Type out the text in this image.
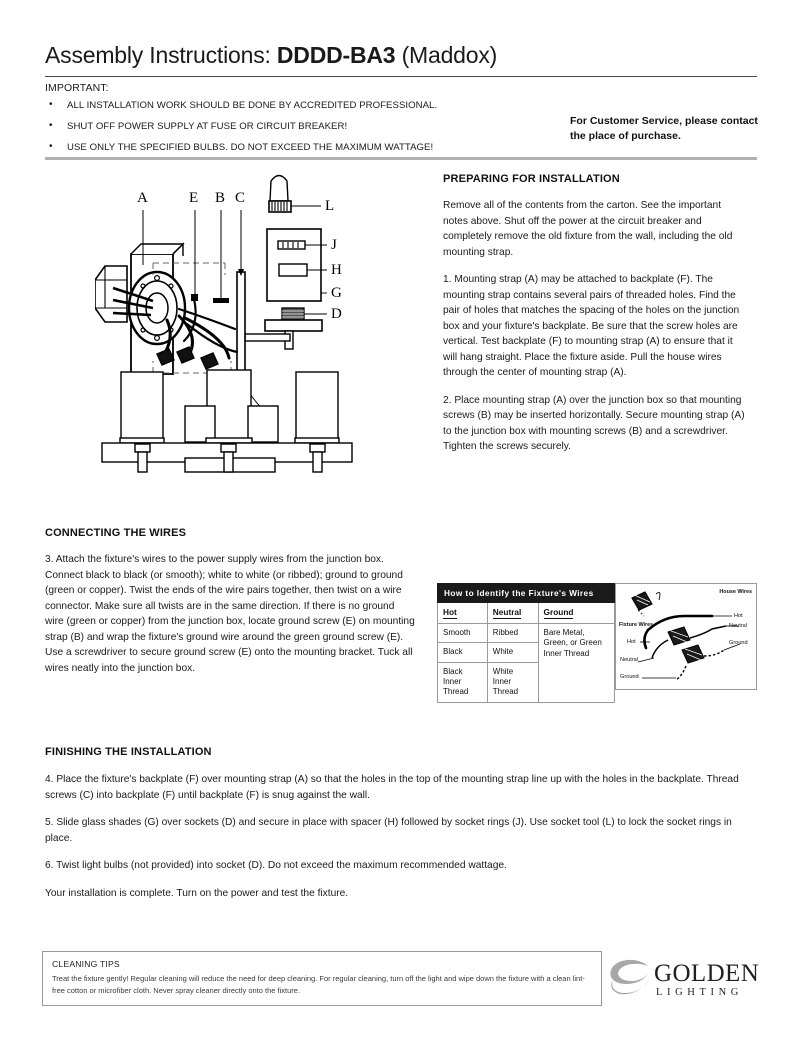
Assembly Instructions: DDDD-BA3 (Maddox)
IMPORTANT:
• ALL INSTALLATION WORK SHOULD BE DONE BY ACCREDITED PROFESSIONAL.
• SHUT OFF POWER SUPPLY AT FUSE OR CIRCUIT BREAKER!
• USE ONLY THE SPECIFIED BULBS. DO NOT EXCEED THE MAXIMUM WATTAGE!
For Customer Service, please contact the place of purchase.
A	E B C	L
J
H
G
D
PREPARING FOR INSTALLATION

Remove all of the contents from the carton. See the important notes above. Shut off the power at the circuit breaker and completely remove the old fixture from the wall, including the old mounting strap.

1. Mounting strap (A) may be attached to backplate (F). The mounting strap contains several pairs of threaded holes. Find the pair of holes that matches the spacing of the holes on the junction box and your fixture's backplate. Be sure that the screw holes are vertical. Test backplate (F) to mounting strap (A) to ensure that it will hang straight. Place the fixture aside. Pull the house wires through the center of mounting strap (A).

2. Place mounting strap (A) over the junction box so that mounting screws (B) may be inserted horizontally. Secure mounting strap (A) to the junction box with mounting screws (B) and a screwdriver. Tighten the screws securely.

CONNECTING THE WIRES

3. Attach the fixture's wires to the power supply wires from the junction box. Connect black to black (or smooth); white to white (or ribbed); ground to ground (green or copper). Twist the ends of the wire pairs together, then twist on a wire connector. Make sure all twists are in the same direction. If there is no ground wire (green or copper) from the junction box, locate ground screw (E) on mounting strap (B) and wrap the fixture's ground wire around the green ground screw (E). Use a screwdriver to secure ground screw (E) onto the mounting bracket. Tuck all wires neatly into the junction box.

How to Identify the Fixture's Wires		
Hot	Neutral	Ground
Smooth	Ribbed	Bare Metal, Green, or Green Inner Thread
Black	White	
Black Inner Thread	White Inner Thread	
House Wires
Fixture Wires
Hot
Neutral
Ground
Hot
Neutral
Ground
FINISHING THE INSTALLATION

4. Place the fixture's backplate (F) over mounting strap (A) so that the holes in the top of the mounting strap line up with the holes in the backplate. Thread screws (C) into backplate (F) until backplate (F) is snug against the wall.

5. Slide glass shades (G) over sockets (D) and secure in place with spacer (H) followed by socket rings (J). Use socket tool (L) to lock the socket rings in place.

6. Twist light bulbs (not provided) into socket (D). Do not exceed the maximum recommended wattage.

Your installation is complete. Turn on the power and test the fixture.

CLEANING TIPS
Treat the fixture gently! Regular cleaning will reduce the need for deep cleaning. For regular cleaning, turn off the light and wipe down the fixture with a clean lint-free cotton or microfiber cloth. Never spray cleaner directly onto the fixture.
GOLDEN
LIGHTING
